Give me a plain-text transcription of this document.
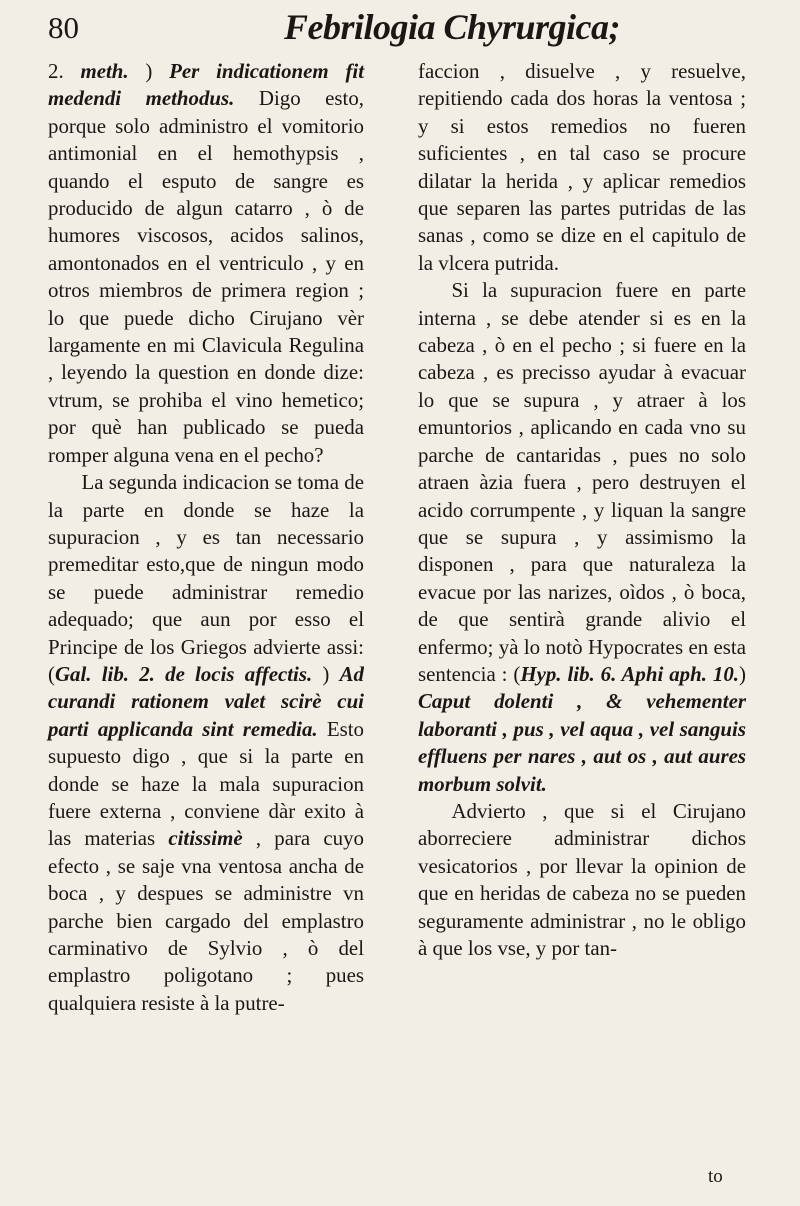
80	Febrilogia Chyrurgica;

2. meth. ) Per indicationem fit medendi methodus. Digo esto, porque solo administro el vomitorio antimonial en el hemothypsis , quando el esputo de sangre es producido de algun catarro , ò de humores viscosos, acidos salinos, amontonados en el ventriculo , y en otros miembros de primera region ; lo que puede dicho Cirujano vèr largamente en mi Clavicula Regulina , leyendo la question en donde dize: vtrum, se prohiba el vino hemetico; por què han publicado se pueda romper alguna vena en el pecho?

La segunda indicacion se toma de la parte en donde se haze la supuracion , y es tan necessario premeditar esto,que de ningun modo se puede administrar remedio adequado; que aun por esso el Principe de los Griegos advierte assi: (Gal. lib. 2. de locis affectis. ) Ad curandi rationem valet scirè cui parti applicanda sint remedia. Esto supuesto digo , que si la parte en donde se haze la mala supuracion fuere externa , conviene dàr exito à las materias citissimè , para cuyo efecto , se saje vna ventosa ancha de boca , y despues se administre vn parche bien cargado del emplastro carminativo de Sylvio , ò del emplastro poligotano ; pues qualquiera resiste à la putre-

faccion , disuelve , y resuelve, repitiendo cada dos horas la ventosa ; y si estos remedios no fueren suficientes , en tal caso se procure dilatar la herida , y aplicar remedios que separen las partes putridas de las sanas , como se dize en el capitulo de la vlcera putrida.

Si la supuracion fuere en parte interna , se debe atender si es en la cabeza , ò en el pecho ; si fuere en la cabeza , es precisso ayudar à evacuar lo que se supura , y atraer à los emuntorios , aplicando en cada vno su parche de cantaridas , pues no solo atraen àzia fuera , pero destruyen el acido corrumpente , y liquan la sangre que se supura , y assimismo la disponen , para que naturaleza la evacue por las narizes, oìdos , ò boca, de que sentirà grande alivio el enfermo; yà lo notò Hypocrates en esta sentencia : (Hyp. lib. 6. Aphi aph. 10.) Caput dolenti , & vehementer laboranti , pus , vel aqua , vel sanguis effluens per nares , aut os , aut aures morbum solvit.

Advierto , que si el Cirujano aborreciere administrar dichos vesicatorios , por llevar la opinion de que en heridas de cabeza no se pueden seguramente administrar , no le obligo à que los vse, y por tan-

to
